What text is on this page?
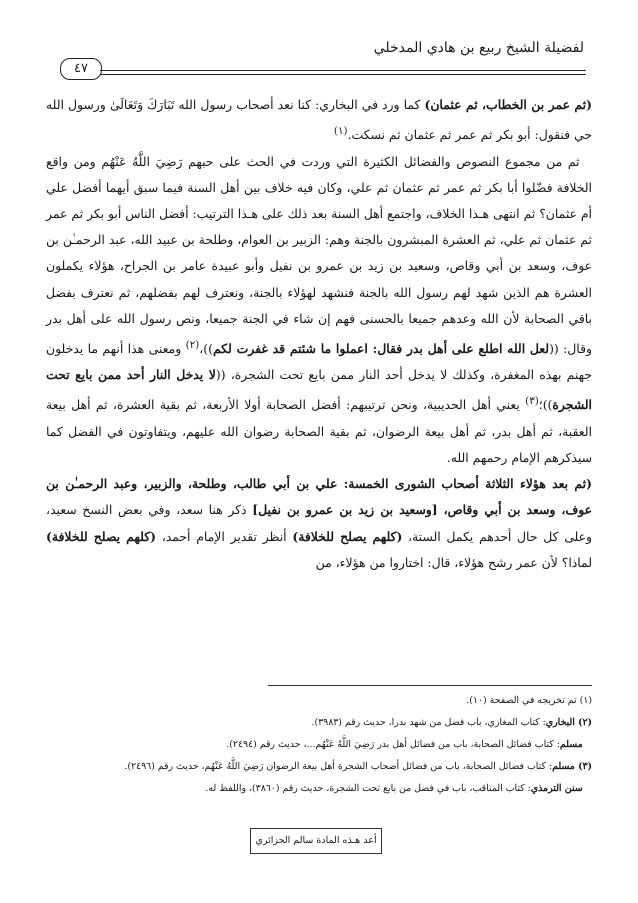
٤٧
لفضيلة الشيخ ربيع بن هادي المدخلي

(ثم عمر بن الخطاب، ثم عثمان) كما ورد في البخاري: كنا نعد أصحاب رسول الله تَبَارَكَ وَتَعَالَىٰ ورسول الله حي فنقول: أبو بكر ثم عمر ثم عثمان ثم نسكت.$^{(١)}$

 ثم من مجموع النصوص والفضائل الكثيرة التي وردت في الحث على حبهم رَضِيَ اللَّهُ عَنْهُم ومن واقع الخلافة فضّلوا أبا بكر ثم عمر ثم عثمان ثم علي، وكان فيه خلاف بين أهل السنة فيما سبق أيهما أفضل علي أم عثمان؟ ثم انتهى هـذا الخلاف، واجتمع أهل السنة بعد ذلك على هـذا الترتيب: أفضل الناس أبو بكر ثم عمر ثم عثمان ثم علي، ثم العشرة المبشرون بالجنة وهم: الزبير بن العوام، وطلحة بن عبيد الله، عبد الرحمـٰن بن عوف، وسعد بن أبي وقاص، وسعيد بن زيد بن عمرو بن نفيل وأبو عبيدة عامر بن الجراح، هؤلاء يكملون العشرة هم الذين شهد لهم رسول الله بالجنة فنشهد لهؤلاء بالجنة، ونعترف لهم بفضلهم، ثم نعترف بفضل باقي الصحابة لأن الله وعدهم جميعا بالحسنى فهم إن شاء في الجنة جميعا، ونص رسول الله على أهل بدر وقال: ((لعل الله اطلع على أهل بدر فقال: اعملوا ما شئتم قد غفرت لكم))،$^{(٢)}$ ومعنى هذا أنهم ما يدخلون جهنم بهذه المغفرة، وكذلك لا يدخل أحد النار ممن بايع تحت الشجرة، ((لا يدخل النار أحد ممن بايع تحت الشجرة))؛$^{(٣)}$ يعني أهل الحديبية، ونحن ترتيبهم: أفضل الصحابة أولا الأربعة، ثم بقية العشرة، ثم أهل بيعة العقبة، ثم أهل بدر، ثم أهل بيعة الرضوان، ثم بقية الصحابة رضوان الله عليهم، ويتفاوتون في الفضل كما سيذكرهم الإمام رحمهم الله.

(ثم بعد هؤلاء الثلاثة أصحاب الشورى الخمسة: علي بن أبي طالب، وطلحة، والزبير، وعبد الرحمـٰن بن عوف، وسعد بن أبي وقاص، [وسعيد بن زيد بن عمرو بن نفيل] ذكر هنا سعد، وفي بعض النسخ سعيد، وعلى كل حال أحدهم يكمل الستة، (كلهم يصلح للخلافة) أنظر تقدير الإمام أحمد، (كلهم يصلح للخلافة) لماذا؟ لأن عمر رشح هؤلاء، قال: اختاروا من هؤلاء، من

(١) تم تخريجه في الصفحة (١٠).

(٢) البخاري: كتاب المغازي، باب فضل من شهد بدرا، حديث رقم (٣٩٨٣).

 مسلم: كتاب فضائل الصحابة، باب من فضائل أهل بدر رَضِيَ اللَّهُ عَنْهُم...، حديث رقم (٢٤٩٤).

(٣) مسلم: كتاب فضائل الصحابة، باب من فضائل أصحاب الشجرة أهل بيعة الرضوان رَضِيَ اللَّهُ عَنْهُم، حديث رقم (٢٤٩٦).

 سنن الترمذي: كتاب المناقب، باب في فضل من بايع تحت الشجرة، حديث رقم (٣٨٦٠)، واللفظ له.

أعد هـذه المادة سالم الجزائري
